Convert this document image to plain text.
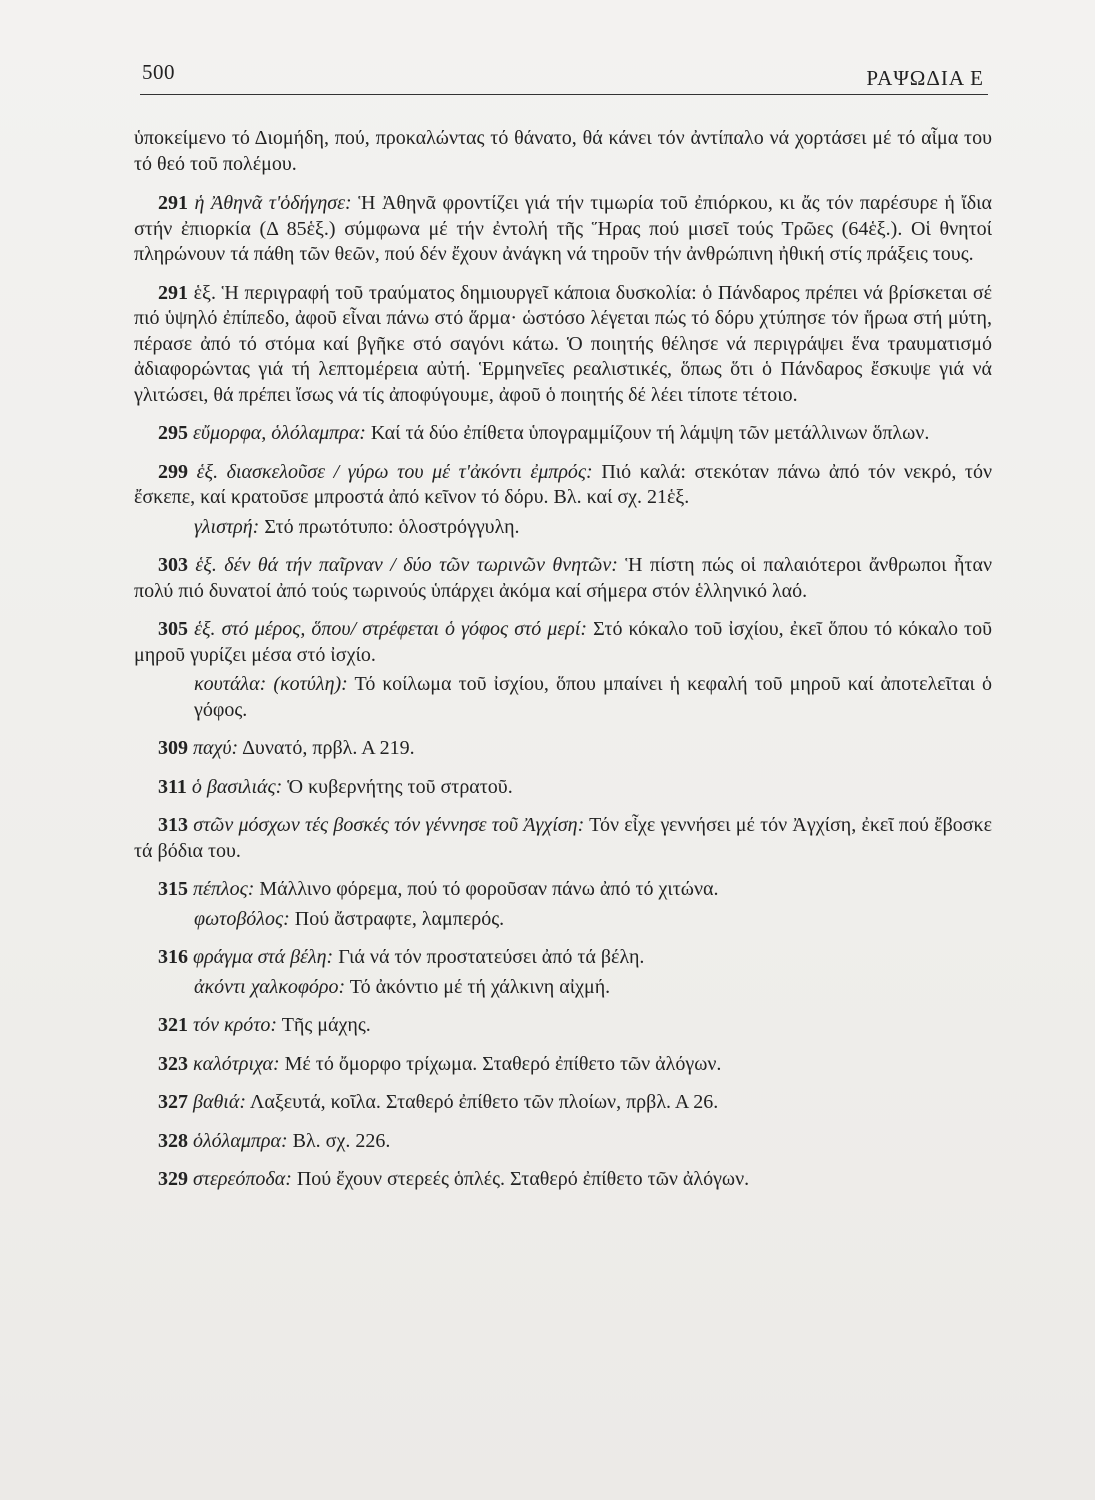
500	ΡΑΨΩΔΙΑ Ε

ὑποκείμενο τό Διομήδη, πού, προκαλώντας τό θάνατο, θά κάνει τόν ἀντίπαλο νά χορτάσει μέ τό αἷμα του τό θεό τοῦ πολέμου.

291 ἡ Ἀθηνᾶ τ'ὁδήγησε: Ἡ Ἀθηνᾶ φροντίζει γιά τήν τιμωρία τοῦ ἐπιόρκου, κι ἄς τόν παρέσυρε ἡ ἴδια στήν ἐπιορκία (Δ 85ἑξ.) σύμφωνα μέ τήν ἐντολή τῆς Ἥρας πού μισεῖ τούς Τρῶες (64ἑξ.). Οἱ θνητοί πληρώνουν τά πάθη τῶν θεῶν, πού δέν ἔχουν ἀνάγκη νά τηροῦν τήν ἀνθρώπινη ἠθική στίς πράξεις τους.

291 ἑξ. Ἡ περιγραφή τοῦ τραύματος δημιουργεῖ κάποια δυσκολία: ὁ Πάνδαρος πρέπει νά βρίσκεται σέ πιό ὑψηλό ἐπίπεδο, ἀφοῦ εἶναι πάνω στό ἅρμα· ὡστόσο λέγεται πώς τό δόρυ χτύπησε τόν ἥρωα στή μύτη, πέρασε ἀπό τό στόμα καί βγῆκε στό σαγόνι κάτω. Ὁ ποιητής θέλησε νά περιγράψει ἕνα τραυματισμό ἀδιαφορώντας γιά τή λεπτομέρεια αὐτή. Ἑρμηνεῖες ρεαλιστικές, ὅπως ὅτι ὁ Πάνδαρος ἔσκυψε γιά νά γλιτώσει, θά πρέπει ἴσως νά τίς ἀποφύγουμε, ἀφοῦ ὁ ποιητής δέ λέει τίποτε τέτοιο.

295 εὔμορφα, ὁλόλαμπρα: Καί τά δύο ἐπίθετα ὑπογραμμίζουν τή λάμψη τῶν μετάλλινων ὅπλων.

299 ἑξ. διασκελοῦσε / γύρω του μέ τ'ἀκόντι ἐμπρός: Πιό καλά: στεκόταν πάνω ἀπό τόν νεκρό, τόν ἔσκεπε, καί κρατοῦσε μπροστά ἀπό κεῖνον τό δόρυ. Βλ. καί σχ. 21ἑξ.

γλιστρή: Στό πρωτότυπο: ὁλοστρόγγυλη.

303 ἑξ. δέν θά τήν παῖρναν / δύο τῶν τωρινῶν θνητῶν: Ἡ πίστη πώς οἱ παλαιότεροι ἄνθρωποι ἦταν πολύ πιό δυνατοί ἀπό τούς τωρινούς ὑπάρχει ἀκόμα καί σήμερα στόν ἑλληνικό λαό.

305 ἑξ. στό μέρος, ὅπου/ στρέφεται ὁ γόφος στό μερί: Στό κόκαλο τοῦ ἰσχίου, ἐκεῖ ὅπου τό κόκαλο τοῦ μηροῦ γυρίζει μέσα στό ἰσχίο.

κουτάλα: (κοτύλη): Τό κοίλωμα τοῦ ἰσχίου, ὅπου μπαίνει ἡ κεφαλή τοῦ μηροῦ καί ἀποτελεῖται ὁ γόφος.

309 παχύ: Δυνατό, πρβλ. Α 219.

311 ὁ βασιλιάς: Ὁ κυβερνήτης τοῦ στρατοῦ.

313 στῶν μόσχων τές βοσκές τόν γέννησε τοῦ Ἀγχίση: Τόν εἶχε γεννήσει μέ τόν Ἀγχίση, ἐκεῖ πού ἔβοσκε τά βόδια του.

315 πέπλος: Μάλλινο φόρεμα, πού τό φοροῦσαν πάνω ἀπό τό χιτώνα.

φωτοβόλος: Πού ἄστραφτε, λαμπερός.

316 φράγμα στά βέλη: Γιά νά τόν προστατεύσει ἀπό τά βέλη.

ἀκόντι χαλκοφόρο: Τό ἀκόντιο μέ τή χάλκινη αἰχμή.

321 τόν κρότο: Τῆς μάχης.

323 καλότριχα: Μέ τό ὄμορφο τρίχωμα. Σταθερό ἐπίθετο τῶν ἀλόγων.

327 βαθιά: Λαξευτά, κοῖλα. Σταθερό ἐπίθετο τῶν πλοίων, πρβλ. Α 26.

328 ὁλόλαμπρα: Βλ. σχ. 226.

329 στερεόποδα: Πού ἔχουν στερεές ὁπλές. Σταθερό ἐπίθετο τῶν ἀλόγων.
